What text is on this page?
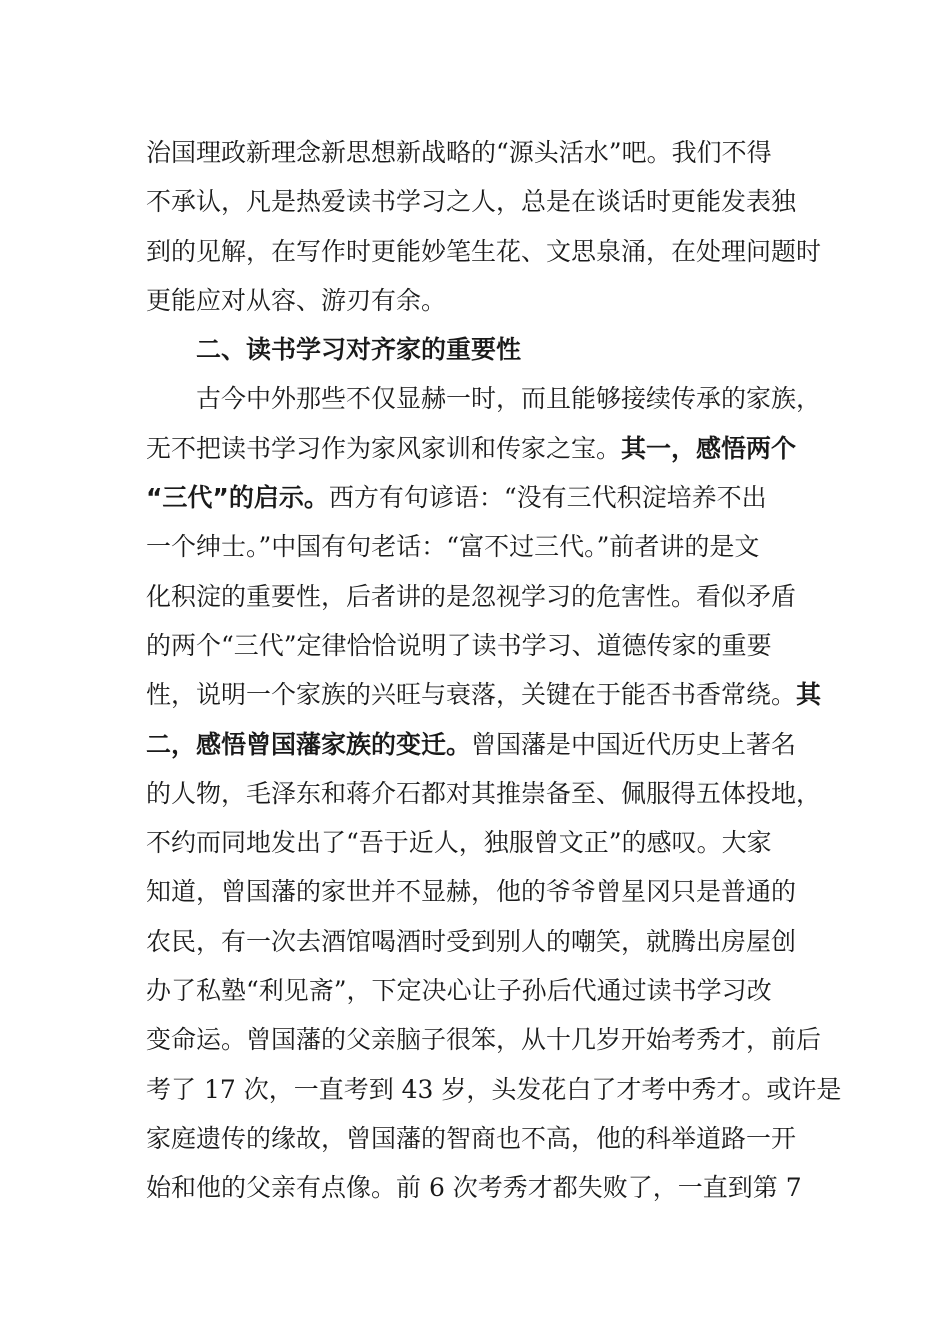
治国理政新理念新思想新战略的“源头活水”吧。我们不得
不承认，凡是热爱读书学习之人，总是在谈话时更能发表独
到的见解，在写作时更能妙笔生花、文思泉涌，在处理问题时
更能应对从容、游刃有余。
二、读书学习对齐家的重要性
古今中外那些不仅显赫一时，而且能够接续传承的家族，
无不把读书学习作为家风家训和传家之宝。其一，感悟两个
“三代”的启示。西方有句谚语：“没有三代积淀培养不出
一个绅士。”中国有句老话：“富不过三代。”前者讲的是文
化积淀的重要性，后者讲的是忽视学习的危害性。看似矛盾
的两个“三代”定律恰恰说明了读书学习、道德传家的重要
性，说明一个家族的兴旺与衰落，关键在于能否书香常绕。其
二，感悟曾国藩家族的变迁。曾国藩是中国近代历史上著名
的人物，毛泽东和蒋介石都对其推崇备至、佩服得五体投地，
不约而同地发出了“吾于近人，独服曾文正”的感叹。大家
知道，曾国藩的家世并不显赫，他的爷爷曾星冈只是普通的
农民，有一次去酒馆喝酒时受到别人的嘲笑，就腾出房屋创
办了私塾“利见斋”，下定决心让子孙后代通过读书学习改
变命运。曾国藩的父亲脑子很笨，从十几岁开始考秀才，前后
考了 17 次，一直考到 43 岁，头发花白了才考中秀才。或许是
家庭遗传的缘故，曾国藩的智商也不高，他的科举道路一开
始和他的父亲有点像。前 6 次考秀才都失败了，一直到第 7
